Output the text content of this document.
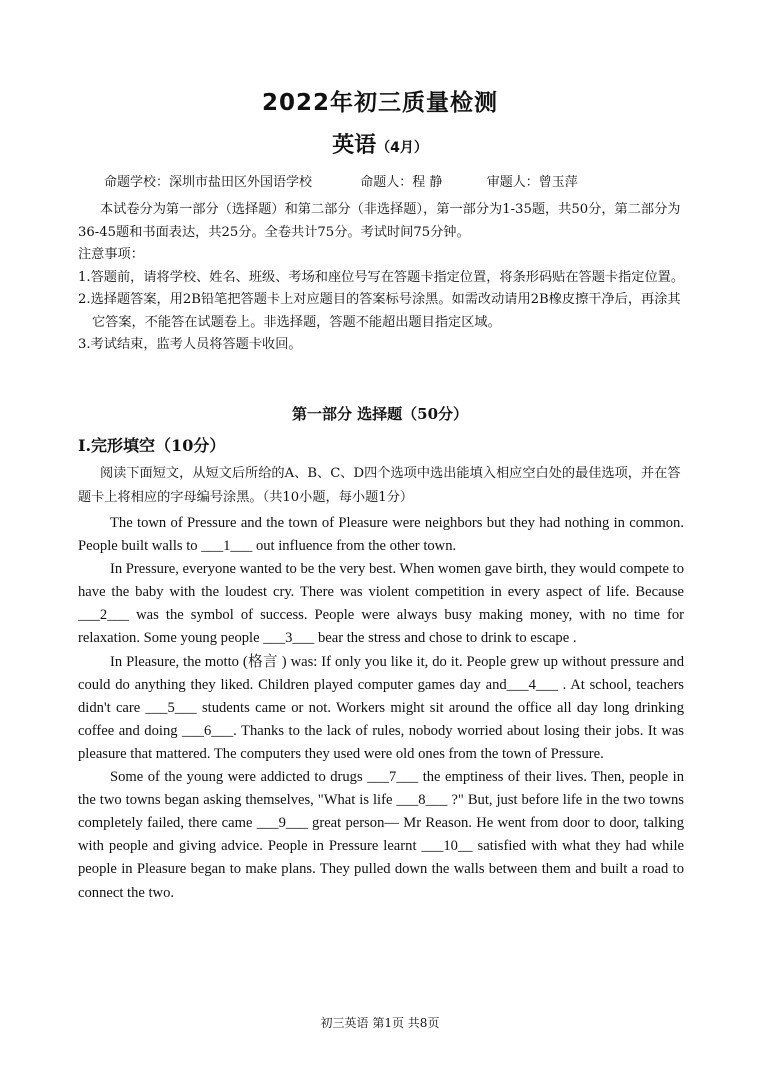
2022年初三质量检测
英语（4月）
命题学校：深圳市盐田区外国语学校	命题人：程 静	审题人：曾玉萍

本试卷分为第一部分（选择题）和第二部分（非选择题），第一部分为1-35题，共50分，第二部分为36-45题和书面表达，共25分。全卷共计75分。考试时间75分钟。

注意事项：

1.答题前，请将学校、姓名、班级、考场和座位号写在答题卡指定位置，将条形码贴在答题卡指定位置。

2.选择题答案，用2B铅笔把答题卡上对应题目的答案标号涂黑。如需改动请用2B橡皮擦干净后，再涂其它答案，不能答在试题卷上。非选择题，答题不能超出题目指定区域。

3.考试结束，监考人员将答题卡收回。

第一部分 选择题（50分）
I.完形填空（10分）

阅读下面短文，从短文后所给的A、B、C、D四个选项中选出能填入相应空白处的最佳选项，并在答题卡上将相应的字母编号涂黑。（共10小题，每小题1分）

The town of Pressure and the town of Pleasure were neighbors but they had nothing in common. People built walls to ___1___ out influence from the other town.

In Pressure, everyone wanted to be the very best. When women gave birth, they would compete to have the baby with the loudest cry. There was violent competition in every aspect of life. Because ___2___ was the symbol of success. People were always busy making money, with no time for relaxation. Some young people ___3___ bear the stress and chose to drink to escape .

In Pleasure, the motto (格言 ) was: If only you like it, do it. People grew up without pressure and could do anything they liked. Children played computer games day and___4___ . At school, teachers didn't care ___5___ students came or not. Workers might sit around the office all day long drinking coffee and doing ___6___. Thanks to the lack of rules, nobody worried about losing their jobs. It was pleasure that mattered. The computers they used were old ones from the town of Pressure.

Some of the young were addicted to drugs ___7___ the emptiness of their lives. Then, people in the two towns began asking themselves, "What is life ___8___ ?" But, just before life in the two towns completely failed, there came ___9___ great person— Mr Reason. He went from door to door, talking with people and giving advice. People in Pressure learnt ___10__ satisfied with what they had while people in Pleasure began to make plans. They pulled down the walls between them and built a road to connect the two.

初三英语 第1页 共8页
